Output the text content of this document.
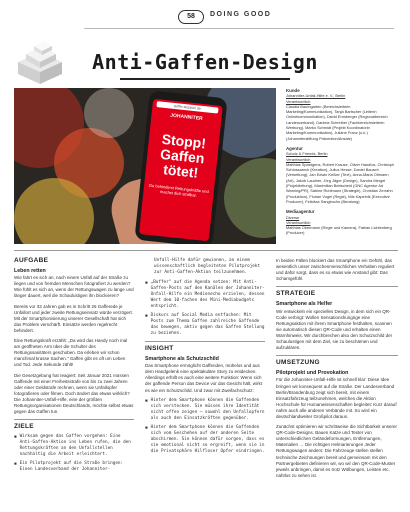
58	DOING GOOD
Anti-Gaffen-Design
gaffer.stoppen.de
JOHANNITER
Stopp!
Gaffen
tötet!
Du behinderst Rettungskräfte und machst dich strafbar.
Kunde
Johanniter-Unfall-Hilfe e. V., Berlin
Verantwortlich
Claudia Baumgarten (Bereichsleiterin Marketing/Kommunikation), Tanja Bartscher (Leiterin Onlinekommunikation), David Ernsberger (Regionalbereich Landesverband), Daniela Schreiber (Fachbereichsleiterin Werbung), Marko Schmidt (Projekt Koordinatorin Marketing/Kommunikation), Juliane Franz (o.k.) (Johanniterstiftung Prävention/Ansatz)
Agentur
Scholz & Friends, Berlin
Verantwortlich
Matthias Spaetgens, Robert Krause, Oliver Handlos, Christoph Schlossareck (Kreation), Julius Hesse, Daniel Bausch (Verkettung), Jan Edwin Keßler (Text), Anna-Maria Oltmann (Art), Jakob Laudner, Jörg Jäger (Design), Sandra Mergel (Projektleitung), Maximilian Bettscheid (GNC Agentur Ad Warning/PR), Sabine Ruhlmann (Strategie), Christian Zerrahn (Produktion), Florian Vogel (Regie), Nils Kapelnik (Executive Producer), Felicitas Sangbuchs (Beratung)
Mediaagentur
Diverse
Verantwortlich
Matthias Obermann (Regie und Kamera), Fabian Lichtenberg (Producer)
AUFGABE
Leben retten

Wie fahrt es sich an, nach einem Unfall auf der Straße zu liegen und von fremden Menschen fotografiert zu werden? Wie fühlt es sich an, wenn der Rettungswagen zu lange und länger dauert, weil die Schaulustigen ihn blockieren?

Bereits vor 33 Jahren gab es in Schritt 26 Gafferede je Unfallort und jeder zweite Rettungseinsatz würde verzögert. Mit der Smartphonisierung unserer Gesellschaft hat sich das Problem verschärft. Einsätze werden regelrecht behindert.

Eine Rettungskraft erzählt: „Da wird das Handy noch mal am geöffneten Arm über die Schulter des Rettungssanitäters geschoben. Da erleben wir schon manchmal krasse Sachen." Gaffen gibt es oft um Leben und Tod. Jede Sekunde zählt!

Die Gesetzgebung hat reagiert: Seit Januar 2021 müssen Gaffende mit einer Freiheitsstrafe von bis zu zwei Jahren oder einer Geldstrafe rechnen, wenn sie Unfallopfer fotografieren oder filmen. Doch ändert das etwas wirklich? Die Johanniter-Unfall-Hilfe, eine der größten Rettungsorganisationen Deutschlands, möchte selbst etwas gegen das Gaffen tun.

ZIELE
■ Wirksam gegen das Gaffen vorgehen: Eine Anti-Gaffen-Aktion ins Leben rufen, die den Rettungskräften an den Unfallstellen nachhaltig die Arbeit erleichtert.
■ Ein Pilotprojekt auf die Straße bringen: Einen Landesverband der Johanniter-

Unfall-Hilfe dafür gewinnen, an einem wissenschaftlich begleiteten Pilotprojekt zur Anti-Gaffen-Aktion teilzunehmen.

■ „Buffer" auf die Agenda setzen: Mit Anti-Gaffen-Posts auf den Kanälen der Johanniter-Unfall-Hilfe ein Medienecho erzielen, dessen Wert dem 10-fachen des Mini-Mediabudgets entspricht.
■ Diskurs auf Social Media entfachen: Mit Posts zum Thema Gaffen zahlreiche Gaffende das bewegen, aktiv gegen das Gaffen Stellung zu beziehen.
INSIGHT
Smartphone als Schutzschild

Das Smartphone ermöglicht Gaffenden, mühelos und aus dem Handgelenk eine spektakuläre Story zu entdecken. Allerdings erfüllt es auch eine weitere Funktion: Wenn sich der gaffende Person das Device vor das Gesicht hält, wirkt es wie ein Schutzschild. Und zwar mit Zweifachschutz:

■ Hinter dem Smartphone können die Gaffenden sich verstecken. Sie müssen ihre Identität nicht offen zeigen – sowohl den Unfallopfern als auch den Einsatzkräften gegenüber.
■ Hinter dem Smartphone können die Gaffenden sich vom Geschehen auf der anderen Seite abschirmen. Sie können dafür sorgen, dass es sie emotional nicht so ergreift, wenn sie in die Privatsphäre Hilfloser Opfer eindringen.

In beiden Fällen blockiert das Smartphone ein Gefühl, das wesentlich unser zwischenmenschliches Verhalten reguliert und dafür sorgt, dass es so etwas wie Anstand gibt: Das Schamgefühl.

STRATEGIE
Smartphone als Helfer

Wir entwickeln ein spezielles Design, in dem sich ein QR-Code verbirgt: Wollen Sensationshungrige eine Rettungsaktion mit ihrem Smartphone festhalten, scannen sie automatisch diesen QR-Code und erhalten einen Warnhinweis. Wir durchbrechen also den Schutzschild der Schaulustigen mit dem Ziel, sie zu beschämen und aufzuklären.

UMSETZUNG
Pilotprojekt und Provokation

Für die Johanniter-Unfall-Hilfe ist schnell klar: Diese Idee bringen wir konsequent auf die Straße. Der Landesverband Berlin/Brandenburg zeigt sich bereit, mit einem Einsatzfahrzeug teilzunehmen, welches die Aktion Hochschule für Humanwissenschaften begleitet: Kurz darauf nahm auch alle anderen Verbände mit. So wird ein deutschlandweiter Großpilot daraus.

Zunächst optimieren wir schrittweise die Sichtbarkeit unserer QR-Code-Designs. Bauen Katze und Tester von unterschiedlichen Geländeformungen, Entfernungen, Materialien … Die richtigen Helmarierungen Jeder Rettungswagen anders: Die Fahrzeuge stellen stellen technische Zeichnungen bereit und gemeinsam mit den Partnergebieten definieren wir, wo wir den QR-Code-Muster jeweils anbringen, damit es trotz Wölbungen, Leisten etc. nahtlos zu sehen ist.
